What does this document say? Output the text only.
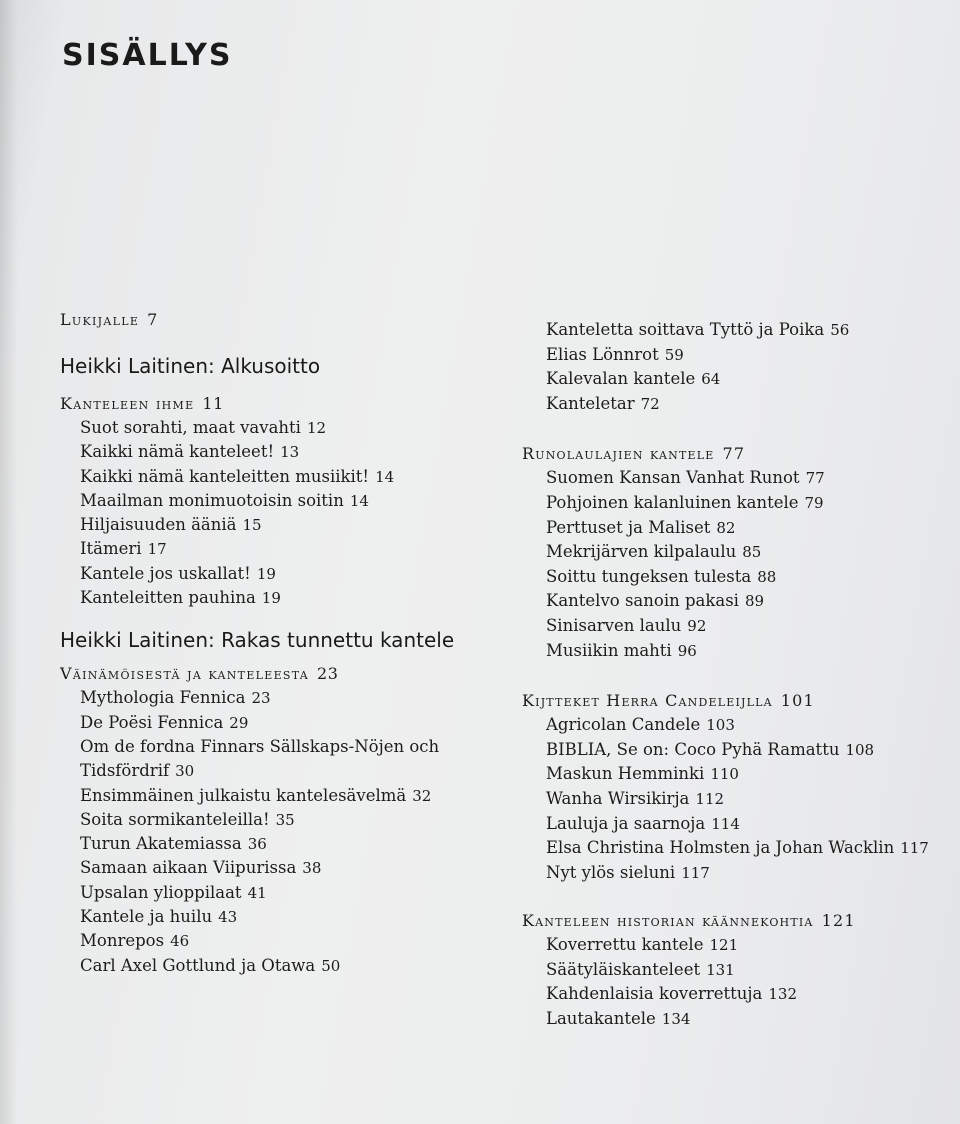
SISÄLLYS
Lukijalle 7
Heikki Laitinen: Alkusoitto
Kanteleen ihme 11
Suot sorahti, maat vavahti 12
Kaikki nämä kanteleet! 13
Kaikki nämä kanteleitten musiikit! 14
Maailman monimuotoisin soitin 14
Hiljaisuuden ääniä 15
Itämeri 17
Kantele jos uskallat! 19
Kanteleitten pauhina 19
Heikki Laitinen: Rakas tunnettu kantele
Väinämöisestä ja kanteleesta 23
Mythologia Fennica 23
De Poësi Fennica 29
Om de fordna Finnars Sällskaps-Nöjen och
Tidsfördrif 30
Ensimmäinen julkaistu kantelesävelmä 32
Soita sormikanteleilla! 35
Turun Akatemiassa 36
Samaan aikaan Viipurissa 38
Upsalan ylioppilaat 41
Kantele ja huilu 43
Monrepos 46
Carl Axel Gottlund ja Otawa 50
Kanteletta soittava Tyttö ja Poika 56
Elias Lönnrot 59
Kalevalan kantele 64
Kanteletar 72
Runolaulajien kantele 77
Suomen Kansan Vanhat Runot 77
Pohjoinen kalanluinen kantele 79
Perttuset ja Maliset 82
Mekrijärven kilpalaulu 85
Soittu tungeksen tulesta 88
Kantelvo sanoin pakasi 89
Sinisarven laulu 92
Musiikin mahti 96
Kijtteket Herra Candeleijlla 101
Agricolan Candele 103
BIBLIA, Se on: Coco Pyhä Ramattu 108
Maskun Hemminki 110
Wanha Wirsikirja 112
Lauluja ja saarnoja 114
Elsa Christina Holmsten ja Johan Wacklin 117
Nyt ylös sieluni 117
Kanteleen historian käännekohtia 121
Koverrettu kantele 121
Säätyläiskanteleet 131
Kahdenlaisia koverrettuja 132
Lautakantele 134
